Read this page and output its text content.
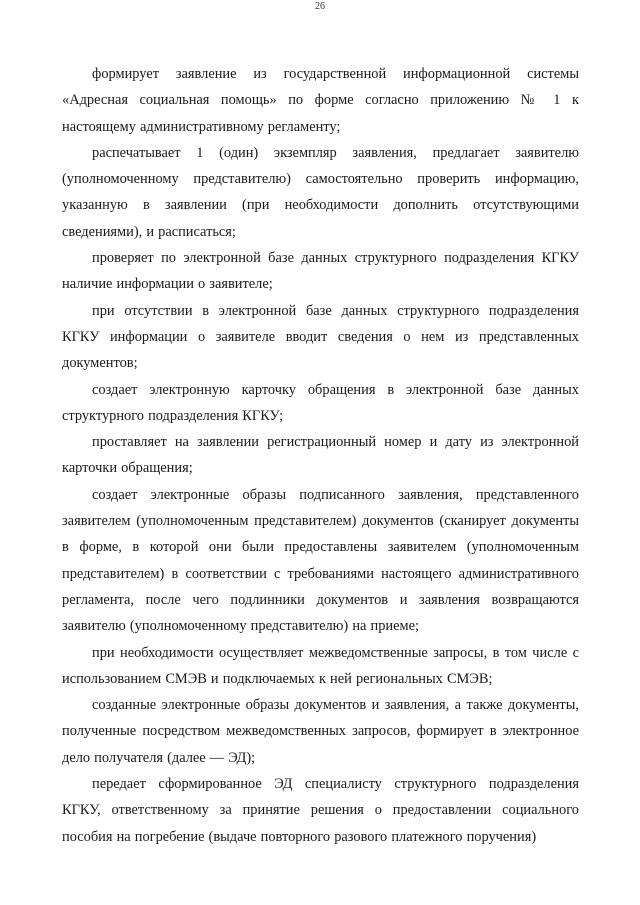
26

формирует заявление из государственной информационной системы «Адресная социальная помощь» по форме согласно приложению № 1 к настоящему административному регламенту;

распечатывает 1 (один) экземпляр заявления, предлагает заявителю (уполномоченному представителю) самостоятельно проверить информацию, указанную в заявлении (при необходимости дополнить отсутствующими сведениями), и расписаться;

проверяет по электронной базе данных структурного подразделения КГКУ наличие информации о заявителе;

при отсутствии в электронной базе данных структурного подразделения КГКУ информации о заявителе вводит сведения о нем из представленных документов;

создает электронную карточку обращения в электронной базе данных структурного подразделения КГКУ;

проставляет на заявлении регистрационный номер и дату из электронной карточки обращения;

создает электронные образы подписанного заявления, представленного заявителем (уполномоченным представителем) документов (сканирует документы в форме, в которой они были предоставлены заявителем (уполномоченным представителем) в соответствии с требованиями настоящего административного регламента, после чего подлинники документов и заявления возвращаются заявителю (уполномоченному представителю) на приеме;

при необходимости осуществляет межведомственные запросы, в том числе с использованием СМЭВ и подключаемых к ней региональных СМЭВ;

созданные электронные образы документов и заявления, а также документы, полученные посредством межведомственных запросов, формирует в электронное дело получателя (далее — ЭД);

передает сформированное ЭД специалисту структурного подразделения КГКУ, ответственному за принятие решения о предоставлении социального пособия на погребение (выдаче повторного разового платежного поручения)
